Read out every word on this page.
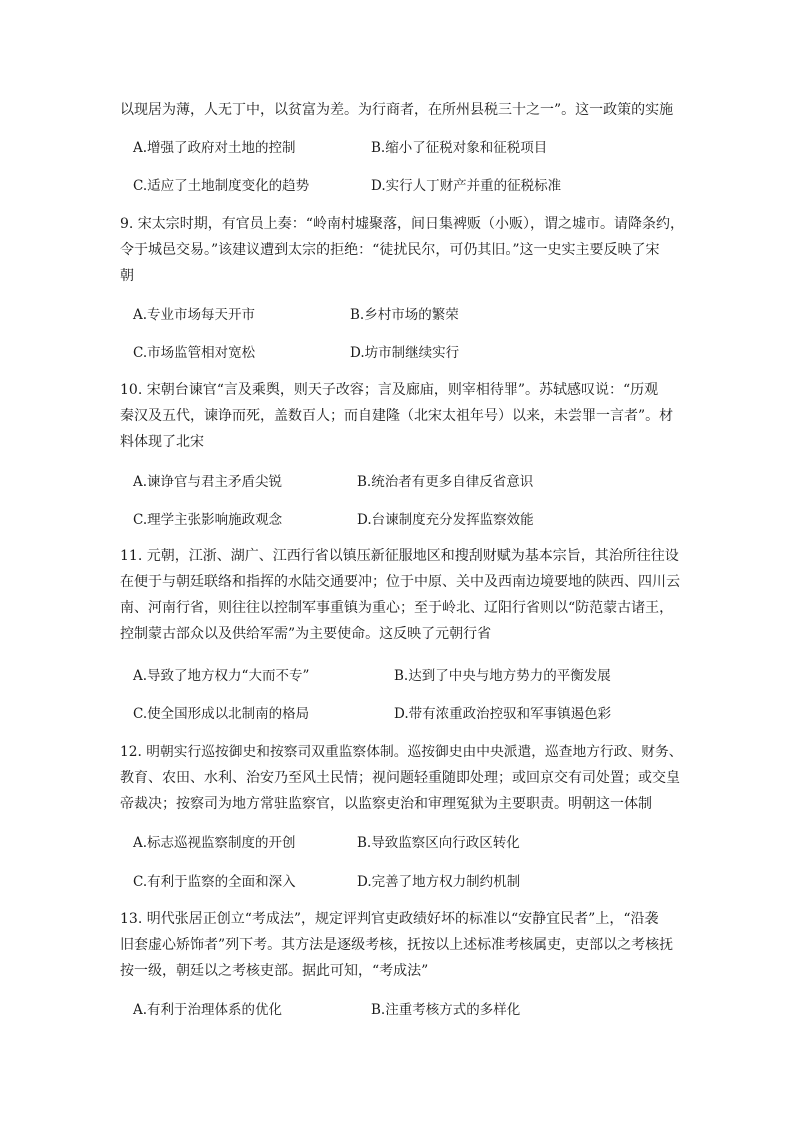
以现居为薄，人无丁中，以贫富为差。为行商者，在所州县税三十之一”。这一政策的实施
A.增强了政府对土地的控制	B.缩小了征税对象和征税项目
C.适应了土地制度变化的趋势	D.实行人丁财产并重的征税标准
9. 宋太宗时期，有官员上奏：“岭南村墟聚落，间日集裨贩（小贩），谓之墟市。请降条约，
令于城邑交易。”该建议遭到太宗的拒绝：“徒扰民尔，可仍其旧。”这一史实主要反映了宋
朝
A.专业市场每天开市	B.乡村市场的繁荣
C.市场监管相对宽松	D.坊市制继续实行
10. 宋朝台谏官“言及乘舆，则天子改容；言及廊庙，则宰相待罪”。苏轼感叹说：“历观
秦汉及五代，谏诤而死，盖数百人；而自建隆（北宋太祖年号）以来，未尝罪一言者”。材
料体现了北宋
A.谏诤官与君主矛盾尖锐	B.统治者有更多自律反省意识
C.理学主张影响施政观念	D.台谏制度充分发挥监察效能
11. 元朝，江浙、湖广、江西行省以镇压新征服地区和搜刮财赋为基本宗旨，其治所往往设
在便于与朝廷联络和指挥的水陆交通要冲；位于中原、关中及西南边境要地的陕西、四川云
南、河南行省，则往往以控制军事重镇为重心；至于岭北、辽阳行省则以“防范蒙古诸王，
控制蒙古部众以及供给军需”为主要使命。这反映了元朝行省
A.导致了地方权力“大而不专”	B.达到了中央与地方势力的平衡发展
C.使全国形成以北制南的格局	D.带有浓重政治控驭和军事镇遏色彩
12. 明朝实行巡按御史和按察司双重监察体制。巡按御史由中央派遣，巡查地方行政、财务、
教育、农田、水利、治安乃至风土民情；视问题轻重随即处理；或回京交有司处置；或交皇
帝裁决；按察司为地方常驻监察官，以监察吏治和审理冤狱为主要职责。明朝这一体制
A.标志巡视监察制度的开创	B.导致监察区向行政区转化
C.有利于监察的全面和深入	D.完善了地方权力制约机制
13. 明代张居正创立“考成法”，规定评判官吏政绩好坏的标准以“安静宜民者”上，“沿袭
旧套虚心矫饰者”列下考。其方法是逐级考核，抚按以上述标准考核属吏，吏部以之考核抚
按一级，朝廷以之考核吏部。据此可知，“考成法”
A.有利于治理体系的优化	B.注重考核方式的多样化
